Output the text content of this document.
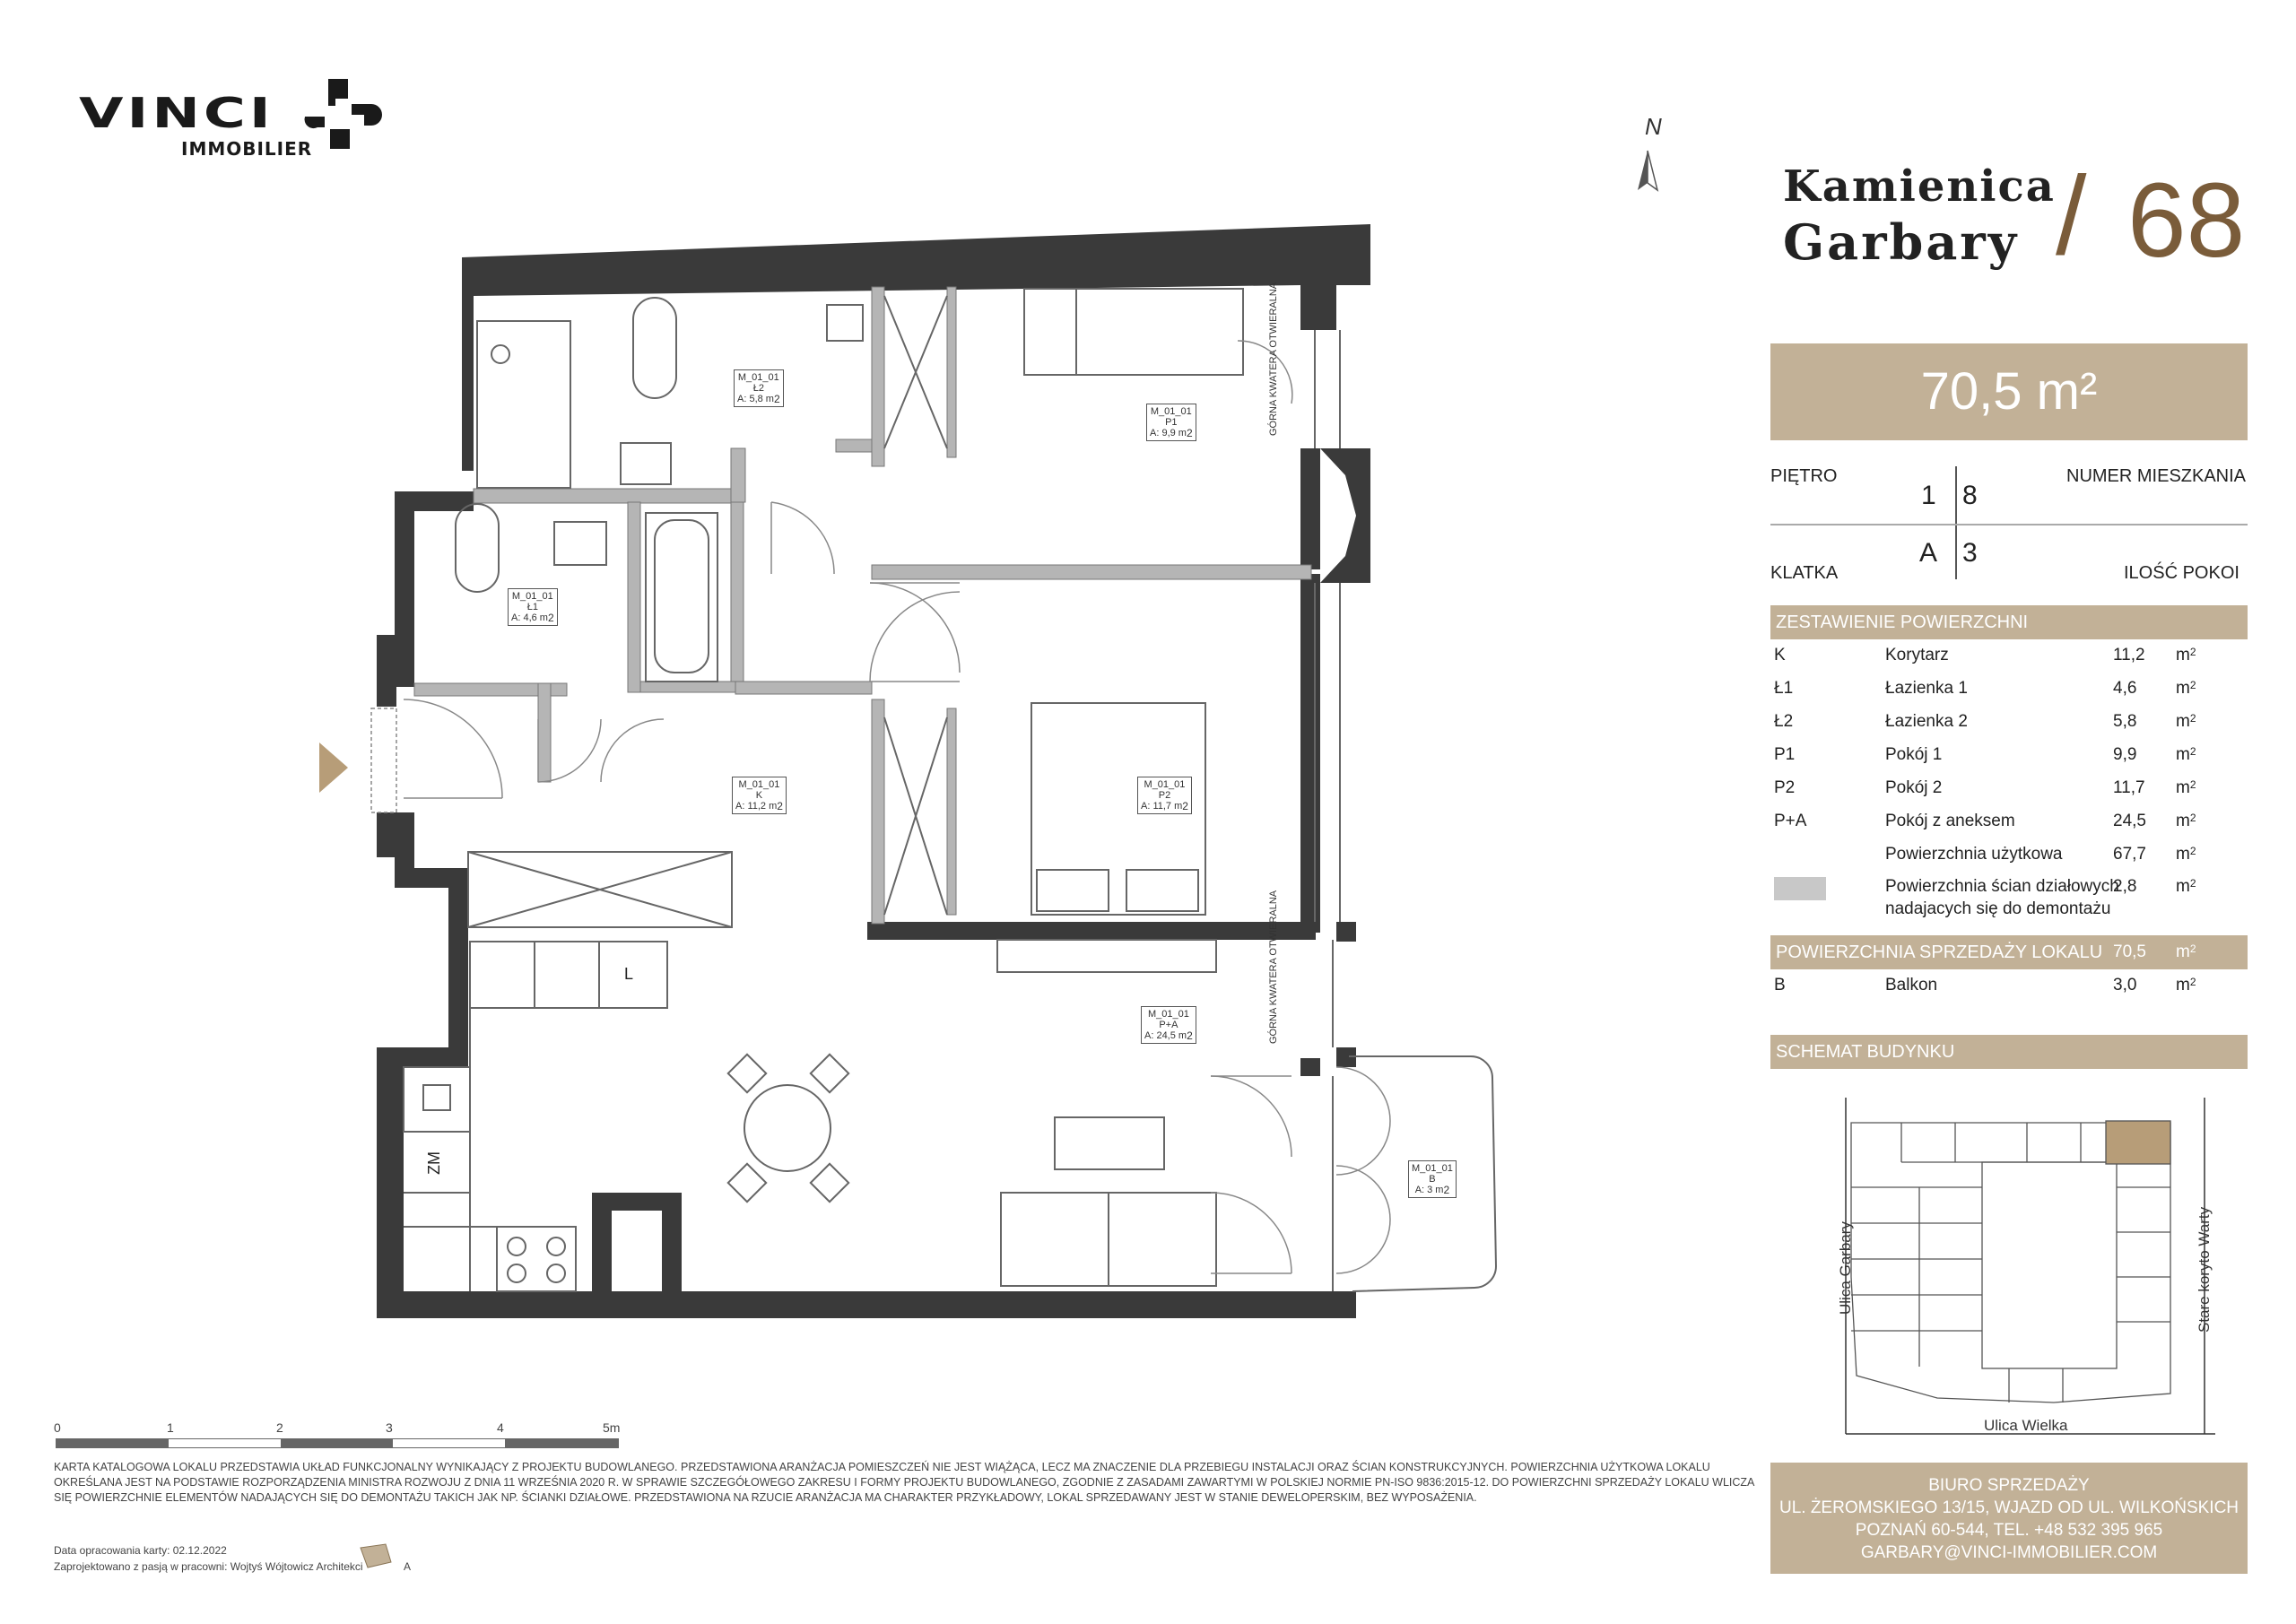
VINCI
IMMOBILIER
N
Kamienica
Garbary / 68
70,5 m²
PIĘTRO
1 8
NUMER MIESZKANIA
A 3
KLATKA	ILOŚĆ POKOI
ZESTAWIENIE POWIERZCHNI
K	Korytarz	11,2 $m^2$
Ł1	Łazienka 1	4,6 $m^2$
Ł2	Łazienka 2	5,8 $m^2$
P1	Pokój 1	9,9 $m^2$
P2	Pokój 2	11,7 $m^2$
P+A	Pokój z aneksem	24,5 $m^2$
Powierzchnia użytkowa	67,7 $m^2$
Powierzchnia ścian działowych
nadajacych się do demontażu
2,8 $m^2$
POWIERZCHNIA SPRZEDAŻY LOKALU 70,5 $m^2$
B	Balkon	3,0 $m^2$
SCHEMAT BUDYNKU
Ulica Garbary	Stare koryto Warty
Ulica Wielka
BIURO SPRZEDAŻY
UL. ŻEROMSKIEGO 13/15, WJAZD OD UL. WILKOŃSKICH
POZNAŃ 60-544, TEL. +48 532 395 965
GARBARY@VINCI-IMMOBILIER.COM
M_01_01
Ł2
A: 5,8 m2
M_01_01
P1
A: 9,9 m2
M_01_01
Ł1
A: 4,6 m2
M_01_01
K
A: 11,2 m2
M_01_01
P2
A: 11,7 m2
M_01_01
P+A
A: 24,5 m2
M_01_01
B
A: 3 m2
GÓRNA KWATERA OTWIERALNA
GÓRNA KWATERA OTWIERALNA
L
ZM
0	1	2	3	4	5m
KARTA KATALOGOWA LOKALU PRZEDSTAWIA UKŁAD FUNKCJONALNY WYNIKAJĄCY Z PROJEKTU BUDOWLANEGO. PRZEDSTAWIONA ARANŻACJA POMIESZCZEŃ NIE JEST WIĄŻĄCA, LECZ MA ZNACZENIE DLA PRZEBIEGU INSTALACJI ORAZ ŚCIAN KONSTRUKCYJNYCH. POWIERZCHNIA UŻYTKOWA LOKALU OKREŚLANA JEST NA PODSTAWIE ROZPORZĄDZENIA MINISTRA ROZWOJU Z DNIA 11 WRZEŚNIA 2020 R. W SPRAWIE SZCZEGÓŁOWEGO ZAKRESU I FORMY PROJEKTU BUDOWLANEGO, ZGODNIE Z ZASADAMI ZAWARTYMI W POLSKIEJ NORMIE PN-ISO 9836:2015-12. DO POWIERZCHNI SPRZEDAŻY LOKALU WLICZA SIĘ POWIERZCHNIE ELEMENTÓW NADAJĄCYCH SIĘ DO DEMONTAŻU TAKICH JAK NP. ŚCIANKI DZIAŁOWE. PRZEDSTAWIONA NA RZUCIE ARANŻACJA MA CHARAKTER PRZYKŁADOWY, LOKAL SPRZEDAWANY JEST W STANIE DEWELOPERSKIM, BEZ WYPOSAŻENIA.
Data opracowania karty: 02.12.2022
Zaprojektowano z pasją w pracowni: Wojtyś Wójtowicz Architekci	A
